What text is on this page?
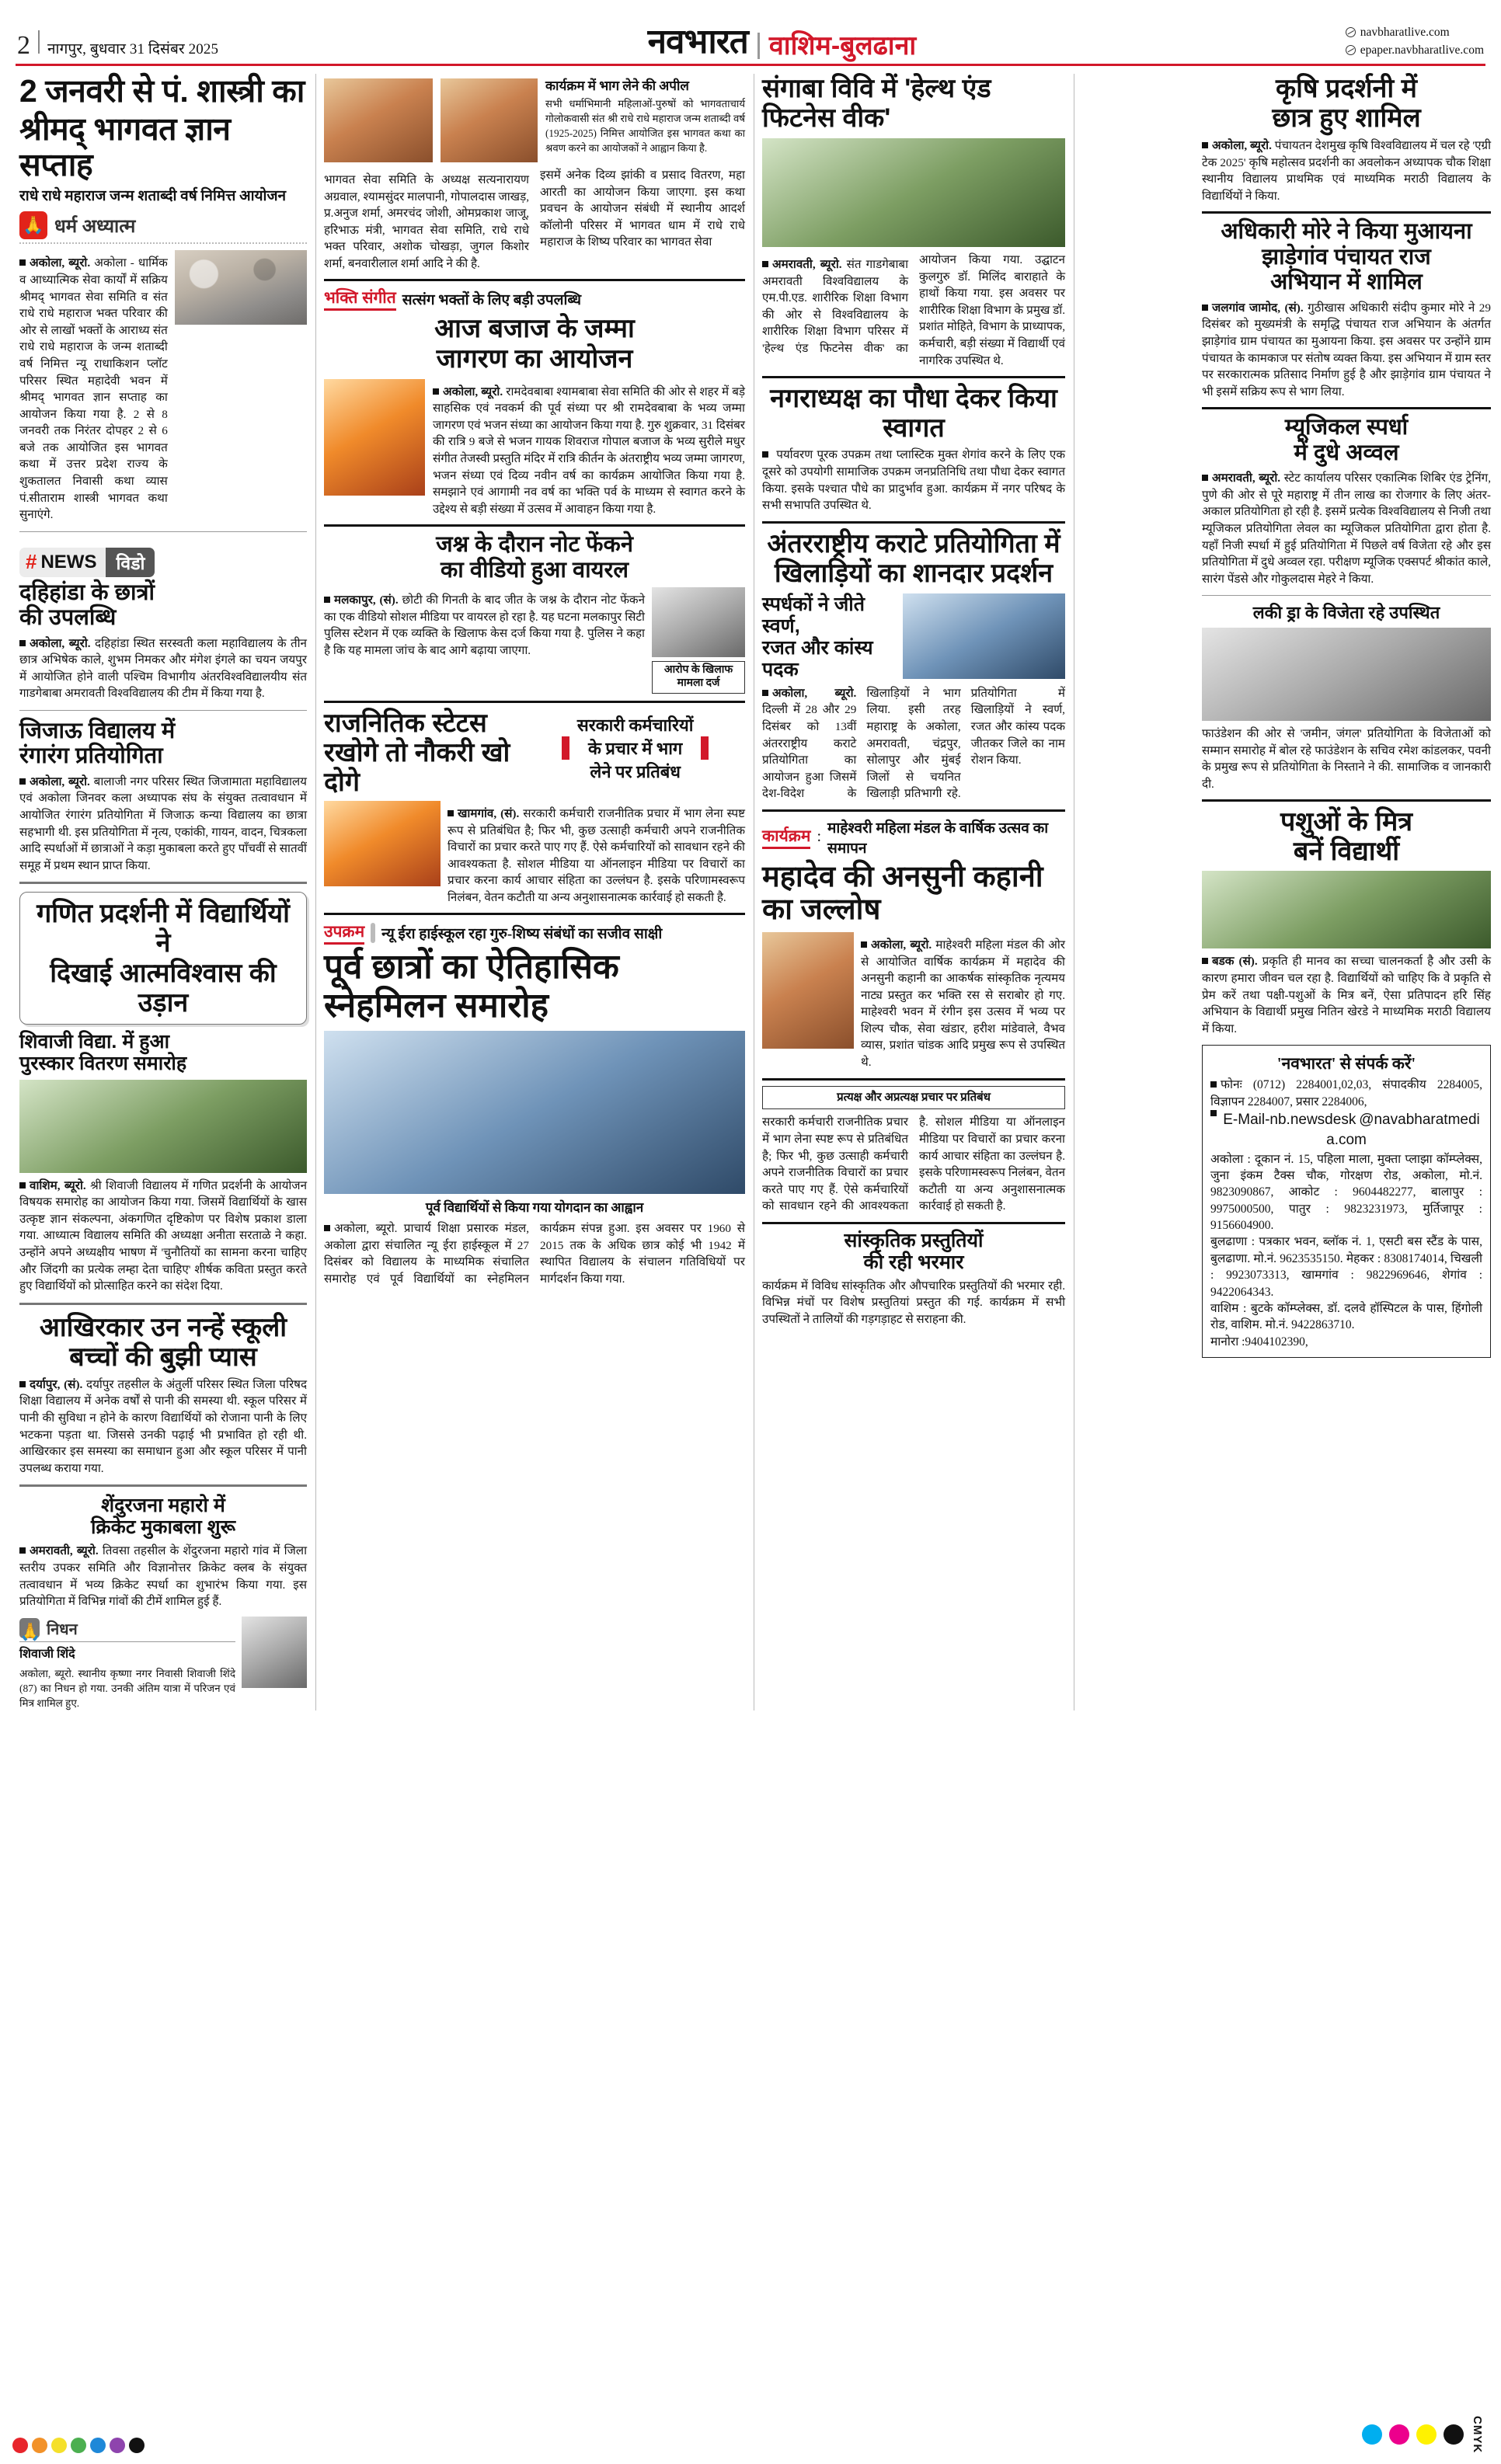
2 नागपुर, बुधवार 31 दिसंबर 2025	नवभारत वाशिम-बुलढाना	navbharatlive.com
epaper.navbharatlive.com
2 जनवरी से पं. शास्त्री का
श्रीमद् भागवत ज्ञान सप्ताह
राधे राधे महाराज जन्म शताब्दी वर्ष निमित्त आयोजन
🙏
धर्म अध्यात्म

अकोला, ब्यूरो. अकोला - धार्मिक व आध्यात्मिक सेवा कार्यों में सक्रिय श्रीमद् भागवत सेवा समिति व संत राधे राधे महाराज भक्त परिवार की ओर से लाखों भक्तों के आराध्य संत राधे राधे महाराज के जन्म शताब्दी वर्ष निमित्त न्यू राधाकिशन प्लॉट परिसर स्थित महादेवी भवन में श्रीमद् भागवत ज्ञान सप्ताह का आयोजन किया गया है. 2 से 8 जनवरी तक निरंतर दोपहर 2 से 6 बजे तक आयोजित इस भागवत कथा में उत्तर प्रदेश राज्य के शुकतालत निवासी कथा व्यास पं.सीताराम शास्त्री भागवत कथा सुनाएंगे.

# NEWS	विडो
दहिहांडा के छात्रों
की उपलब्धि

अकोला, ब्यूरो. दहिहांडा स्थित सरस्वती कला महाविद्यालय के तीन छात्र अभिषेक काले, शुभम निमकर और मंगेश इंगले का चयन जयपुर में आयोजित होने वाली पश्चिम विभागीय अंतरविश्वविद्यालयीय संत गाडगेबाबा अमरावती विश्वविद्यालय की टीम में किया गया है.

जिजाऊ विद्यालय में
रंगारंग प्रतियोगिता

अकोला, ब्यूरो. बालाजी नगर परिसर स्थित जिजामाता महाविद्यालय एवं अकोला जिनवर कला अध्यापक संघ के संयुक्त तत्वावधान में आयोजित रंगारंग प्रतियोगिता में जिजाऊ कन्या विद्यालय का छात्रा सहभागी थी. इस प्रतियोगिता में नृत्य, एकांकी, गायन, वादन, चित्रकला आदि स्पर्धाओं में छात्राओं ने कड़ा मुकाबला करते हुए पाँचवीं से सातवीं समूह में प्रथम स्थान प्राप्त किया.

गणित प्रदर्शनी में विद्यार्थियों ने
दिखाई आत्मविश्वास की उड़ान
शिवाजी विद्या. में हुआ
पुरस्कार वितरण समारोह

वाशिम, ब्यूरो. श्री शिवाजी विद्यालय में गणित प्रदर्शनी के आयोजन विषयक समारोह का आयोजन किया गया. जिसमें विद्यार्थियों के खास उत्कृष्ट ज्ञान संकल्पना, अंकगणित दृष्टिकोण पर विशेष प्रकाश डाला गया. आध्यात्म विद्यालय समिति की अध्यक्षा अनीता सरताळे ने कहा. उन्होंने अपने अध्यक्षीय भाषण में 'चुनौतियों का सामना करना चाहिए और जिंदगी का प्रत्येक लम्हा देता चाहिए' शीर्षक कविता प्रस्तुत करते हुए विद्यार्थियों को प्रोत्साहित करने का संदेश दिया.

आखिरकार उन नन्हें स्कूली
बच्चों की बुझी प्यास

दर्यापुर, (सं). दर्यापुर तहसील के अंतुर्ली परिसर स्थित जिला परिषद शिक्षा विद्यालय में अनेक वर्षों से पानी की समस्या थी. स्कूल परिसर में पानी की सुविधा न होने के कारण विद्यार्थियों को रोजाना पानी के लिए भटकना पड़ता था. जिससे उनकी पढ़ाई भी प्रभावित हो रही थी. आखिरकार इस समस्या का समाधान हुआ और स्कूल परिसर में पानी उपलब्ध कराया गया.

शेंदुरजना महारो में
क्रिकेट मुकाबला शुरू

अमरावती, ब्यूरो. तिवसा तहसील के शेंदुरजना महारो गांव में जिला स्तरीय उपकर समिति और विज्ञानोत्तर क्रिकेट क्लब के संयुक्त तत्वावधान में भव्य क्रिकेट स्पर्धा का शुभारंभ किया गया. इस प्रतियोगिता में विभिन्न गांवों की टीमें शामिल हुई हैं.

🙏
निधन
शिवाजी शिंदे

अकोला, ब्यूरो. स्थानीय कृष्णा नगर निवासी शिवाजी शिंदे (87) का निधन हो गया. उनकी अंतिम यात्रा में परिजन एवं मित्र शामिल हुए.

कार्यक्रम में भाग लेने की अपील

सभी धर्माभिमानी महिलाओं-पुरुषों को भागवताचार्य गोलोकवासी संत श्री राधे राधे महाराज जन्म शताब्दी वर्ष (1925-2025) निमित्त आयोजित इस भागवत कथा का श्रवण करने का आयोजकों ने आह्वान किया है.

भागवत सेवा समिति के अध्यक्ष सत्यनारायण अग्रवाल, श्यामसुंदर मालपानी, गोपालदास जाखड़, प्र.अनुज शर्मा, अमरचंद जोशी, ओमप्रकाश जाजू, हरिभाऊ मंत्री, भागवत सेवा समिति, राधे राधे भक्त परिवार, अशोक चोखड़ा, जुगल किशोर शर्मा, बनवारीलाल शर्मा आदि ने की है.

इसमें अनेक दिव्य झांकी व प्रसाद वितरण, महा आरती का आयोजन किया जाएगा. इस कथा प्रवचन के आयोजन संबंधी में स्थानीय आदर्श कॉलोनी परिसर में भागवत धाम में राधे राधे महाराज के शिष्य परिवार का भागवत सेवा

भक्ति संगीत सत्संग भक्तों के लिए बड़ी उपलब्धि
आज बजाज के जम्मा
जागरण का आयोजन

अकोला, ब्यूरो. रामदेवबाबा श्यामबाबा सेवा समिति की ओर से शहर में बड़े साहसिक एवं नवकर्म की पूर्व संध्या पर श्री रामदेवबाबा के भव्य जम्मा जागरण एवं भजन संध्या का आयोजन किया गया है. गुरु शुक्रवार, 31 दिसंबर की रात्रि 9 बजे से भजन गायक शिवराज गोपाल बजाज के भव्य सुरीले मधुर संगीत तेजस्वी प्रस्तुति मंदिर में रात्रि कीर्तन के अंतराष्ट्रीय भव्य जम्मा जागरण, भजन संध्या एवं दिव्य नवीन वर्ष का कार्यक्रम आयोजित किया गया है. समझाने एवं आगामी नव वर्ष का भक्ति पर्व के माध्यम से स्वागत करने के उद्देश्य से बड़ी संख्या में उत्सव में आवाहन किया गया है.

जश्न के दौरान नोट फेंकने
का वीडियो हुआ वायरल

मलकापुर, (सं). छोटी की गिनती के बाद जीत के जश्न के दौरान नोट फेंकने का एक वीडियो सोशल मीडिया पर वायरल हो रहा है. यह घटना मलकापुर सिटी पुलिस स्टेशन में एक व्यक्ति के खिलाफ केस दर्ज किया गया है. पुलिस ने कहा है कि यह मामला जांच के बाद आगे बढ़ाया जाएगा.

आरोप के खिलाफ मामला दर्ज
राजनितिक स्टेटस रखोगे तो नौकरी खो दोगे
सरकारी कर्मचारियों
के प्रचार में भाग
लेने पर प्रतिबंध

खामगांव, (सं). सरकारी कर्मचारी राजनीतिक प्रचार में भाग लेना स्पष्ट रूप से प्रतिबंधित है; फिर भी, कुछ उत्साही कर्मचारी अपने राजनीतिक विचारों का प्रचार करते पाए गए हैं. ऐसे कर्मचारियों को सावधान रहने की आवश्यकता है. सोशल मीडिया या ऑनलाइन मीडिया पर विचारों का प्रचार करना कार्य आचार संहिता का उल्लंघन है. इसके परिणामस्वरूप निलंबन, वेतन कटौती या अन्य अनुशासनात्मक कार्रवाई हो सकती है.

उपक्रम न्यू ईरा हाईस्कूल रहा गुरु-शिष्य संबंधों का सजीव साक्षी
पूर्व छात्रों का ऐतिहासिक स्नेहमिलन समारोह
पूर्व विद्यार्थियों से किया गया योगदान का आह्वान

अकोला, ब्यूरो. प्राचार्य शिक्षा प्रसारक मंडल, अकोला द्वारा संचालित न्यू ईरा हाईस्कूल में 27 दिसंबर को विद्यालय के माध्यमिक संचालित समारोह एवं पूर्व विद्यार्थियों का स्नेहमिलन कार्यक्रम संपन्न हुआ. इस अवसर पर 1960 से 2015 तक के अधिक छात्र कोई भी 1942 में स्थापित विद्यालय के संचालन गतिविधियों पर मार्गदर्शन किया गया.

संगाबा विवि में 'हेल्थ एंड फिटनेस वीक'

अमरावती, ब्यूरो. संत गाडगेबाबा अमरावती विश्वविद्यालय के एम.पी.एड. शारीरिक शिक्षा विभाग की ओर से विश्वविद्यालय के शारीरिक शिक्षा विभाग परिसर में 'हेल्थ एंड फिटनेस वीक' का आयोजन किया गया. उद्घाटन कुलगुरु डॉ. मिलिंद बाराहाते के हाथों किया गया. इस अवसर पर शारीरिक शिक्षा विभाग के प्रमुख डॉ. प्रशांत मोहिते, विभाग के प्राध्यापक, कर्मचारी, बड़ी संख्या में विद्यार्थी एवं नागरिक उपस्थित थे.

नगराध्यक्ष का पौधा देकर किया स्वागत

पर्यावरण पूरक उपक्रम तथा प्लास्टिक मुक्त शेगांव करने के लिए एक दूसरे को उपयोगी सामाजिक उपक्रम जनप्रतिनिधि तथा पौधा देकर स्वागत किया. इसके पश्चात पौधे का प्रादुर्भाव हुआ. कार्यक्रम में नगर परिषद के सभी सभापति उपस्थित थे.

अंतरराष्ट्रीय कराटे प्रतियोगिता में
खिलाड़ियों का शानदार प्रदर्शन
स्पर्धकों ने जीते स्वर्ण,
रजत और कांस्य पदक

अकोला, ब्यूरो. दिल्ली में 28 और 29 दिसंबर को 13वीं अंतरराष्ट्रीय कराटे प्रतियोगिता का आयोजन हुआ जिसमें देश-विदेश के खिलाड़ियों ने भाग लिया. इसी तरह महाराष्ट्र के अकोला, अमरावती, चंद्रपुर, सोलापुर और मुंबई जिलों से चयनित खिलाड़ी प्रतिभागी रहे. प्रतियोगिता में खिलाड़ियों ने स्वर्ण, रजत और कांस्य पदक जीतकर जिले का नाम रोशन किया.

कार्यक्रम : माहेश्वरी महिला मंडल के वार्षिक उत्सव का समापन
महादेव की अनसुनी कहानी का जल्लोष

अकोला, ब्यूरो. माहेश्वरी महिला मंडल की ओर से आयोजित वार्षिक कार्यक्रम में महादेव की अनसुनी कहानी का आकर्षक सांस्कृतिक नृत्यमय नाट्य प्रस्तुत कर भक्ति रस से सराबोर हो गए. माहेश्वरी भवन में रंगीन इस उत्सव में भव्य पर शिल्प चौक, सेवा खंडार, हरीश मांडेवाले, वैभव व्यास, प्रशांत चांडक आदि प्रमुख रूप से उपस्थित थे.

प्रत्यक्ष और अप्रत्यक्ष प्रचार पर प्रतिबंध

सरकारी कर्मचारी राजनीतिक प्रचार में भाग लेना स्पष्ट रूप से प्रतिबंधित है; फिर भी, कुछ उत्साही कर्मचारी अपने राजनीतिक विचारों का प्रचार करते पाए गए हैं. ऐसे कर्मचारियों को सावधान रहने की आवश्यकता है. सोशल मीडिया या ऑनलाइन मीडिया पर विचारों का प्रचार करना कार्य आचार संहिता का उल्लंघन है. इसके परिणामस्वरूप निलंबन, वेतन कटौती या अन्य अनुशासनात्मक कार्रवाई हो सकती है.

सांस्कृतिक प्रस्तुतियों
की रही भरमार

कार्यक्रम में विविध सांस्कृतिक और औपचारिक प्रस्तुतियों की भरमार रही. विभिन्न मंचों पर विशेष प्रस्तुतियां प्रस्तुत की गई. कार्यक्रम में सभी उपस्थितों ने तालियों की गड़गड़ाहट से सराहना की.

कृषि प्रदर्शनी में
छात्र हुए शामिल

अकोला, ब्यूरो. पंचायतन देशमुख कृषि विश्वविद्यालय में चल रहे 'एग्री टेक 2025' कृषि महोत्सव प्रदर्शनी का अवलोकन अध्यापक चौक शिक्षा स्थानीय विद्यालय प्राथमिक एवं माध्यमिक मराठी विद्यालय के विद्यार्थियों ने किया.

अधिकारी मोरे ने किया मुआयना
झाड़ेगांव पंचायत राज
अभियान में शामिल

जलगांव जामोद, (सं). गुठीखास अधिकारी संदीप कुमार मोरे ने 29 दिसंबर को मुख्यमंत्री के समृद्धि पंचायत राज अभियान के अंतर्गत झाड़ेगांव ग्राम पंचायत का मुआयना किया. इस अवसर पर उन्होंने ग्राम पंचायत के कामकाज पर संतोष व्यक्त किया. इस अभियान में ग्राम स्तर पर सरकारात्मक प्रतिसाद निर्माण हुई है और झाड़ेगांव ग्राम पंचायत ने भी इसमें सक्रिय रूप से भाग लिया.

म्यूजिकल स्पर्धा
में दुधे अव्वल

अमरावती, ब्यूरो. स्टेट कार्यालय परिसर एकात्मिक शिबिर एंड ट्रेनिंग, पुणे की ओर से पूरे महाराष्ट्र में तीन लाख का रोजगार के लिए अंतर-अकाल प्रतियोगिता हो रही है. इसमें प्रत्येक विश्वविद्यालय से निजी तथा म्यूजिकल प्रतियोगिता लेवल का म्यूजिकल प्रतियोगिता द्वारा होता है. यहाँ निजी स्पर्धा में हुई प्रतियोगिता में पिछले वर्ष विजेता रहे और इस प्रतियोगिता में दुधे अव्वल रहा. परीक्षण म्यूजिक एक्सपर्ट श्रीकांत काले, सारंग पेंडसे और गोकुलदास मेहरे ने किया.

लकी ड्रा के विजेता रहे उपस्थित

फाउंडेशन की ओर से 'जमीन, जंगल' प्रतियोगिता के विजेताओं को सम्मान समारोह में बोल रहे फाउंडेशन के सचिव रमेश कांडलकर, पवनी के प्रमुख रूप से प्रतियोगिता के निस्ताने ने की. सामाजिक व जानकारी दी.

पशुओं के मित्र
बनें विद्यार्थी

बडक (सं). प्रकृति ही मानव का सच्चा चालनकर्ता है और उसी के कारण हमारा जीवन चल रहा है. विद्यार्थियों को चाहिए कि वे प्रकृति से प्रेम करें तथा पक्षी-पशुओं के मित्र बनें, ऐसा प्रतिपादन हरि सिंह अभियान के विद्यार्थी प्रमुख नितिन खेरडे ने माध्यमिक मराठी विद्यालय में किया.

'नवभारत' से संपर्क करें'

फोनः (0712) 2284001,02,03, संपादकीय 2284005, विज्ञापन 2284007, प्रसार 2284006,

E-Mail-nb.newsdesk @navabharatmedia.com

अकोला : दूकान नं. 15, पहिला माला, मुक्ता प्लाझा कॉम्प्लेक्स, जुना इंकम टैक्स चौक, गोरक्षण रोड, अकोला, मो.नं. 9823090867, आकोट : 9604482277, बालापुर : 9975000500, पातुर : 9823231973, मुर्तिजापूर : 9156604900.

बुलढाणा : पत्रकार भवन, ब्लॉक नं. 1, एसटी बस स्टैंड के पास, बुलढाणा. मो.नं. 9623535150. मेहकर : 8308174014, चिखली : 9923073313, खामगांव : 9822969646, शेगांव : 9422064343.

वाशिम : बुटके कॉम्प्लेक्स, डॉ. दलवे हॉस्पिटल के पास, हिंगोली रोड, वाशिम. मो.नं. 9422863710.

मानोरा :9404102390,

CMYK
